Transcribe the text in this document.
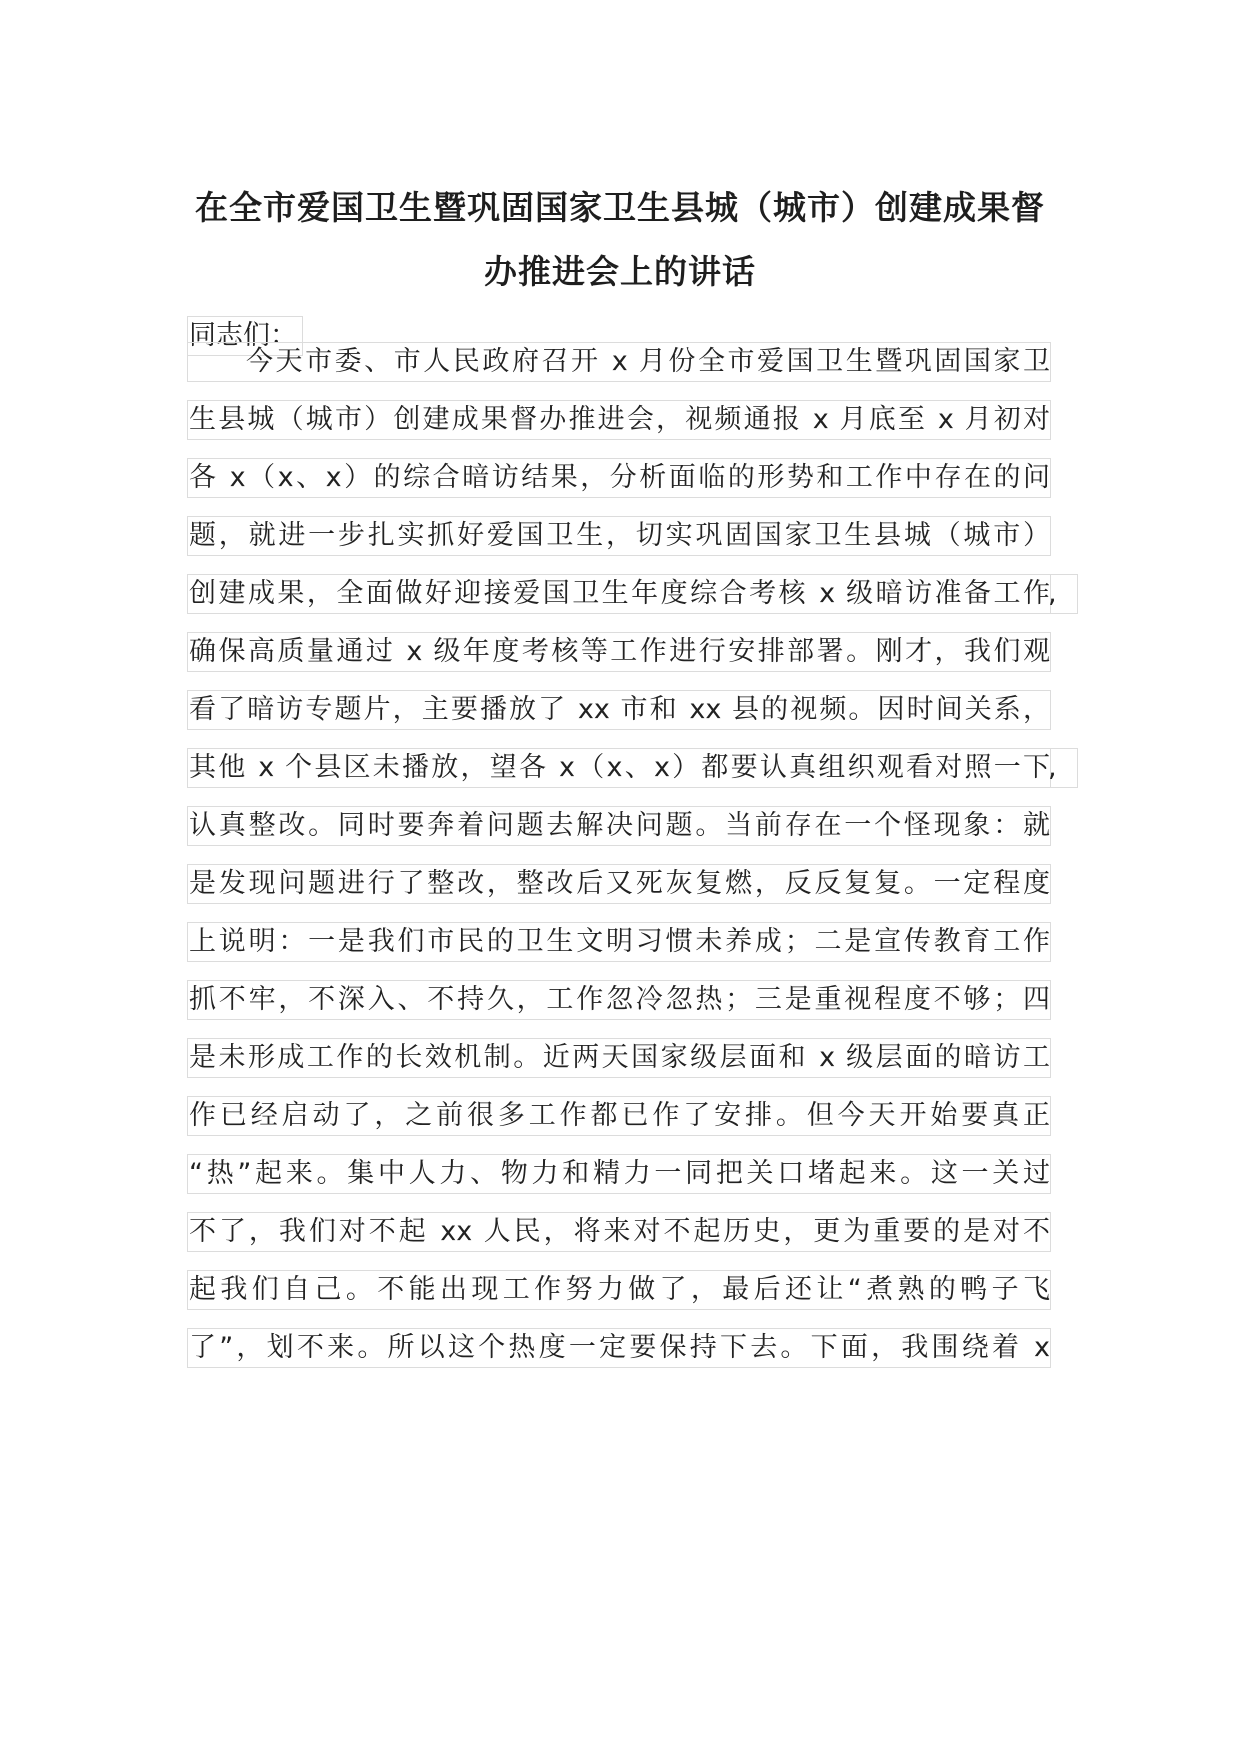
在全市爱国卫生暨巩固国家卫生县城（城市）创建成果督
办推进会上的讲话
同志们：
今天市委、市人民政府召开 x 月份全市爱国卫生暨巩固国家卫
生县城（城市）创建成果督办推进会，视频通报 x 月底至 x 月初对
各 x（x、x）的综合暗访结果，分析面临的形势和工作中存在的问
题，就进一步扎实抓好爱国卫生，切实巩固国家卫生县城（城市）
创建成果，全面做好迎接爱国卫生年度综合考核 x 级暗访准备工作
,
确保高质量通过 x 级年度考核等工作进行安排部署。刚才，我们观
看了暗访专题片，主要播放了 xx 市和 xx 县的视频。因时间关系，
其他 x 个县区未播放，望各 x（x、x）都要认真组织观看对照一下
,
认真整改。同时要奔着问题去解决问题。当前存在一个怪现象：就
是发现问题进行了整改，整改后又死灰复燃，反反复复。一定程度
上说明：一是我们市民的卫生文明习惯未养成；二是宣传教育工作
抓不牢，不深入、不持久，工作忽冷忽热；三是重视程度不够；四
是未形成工作的长效机制。近两天国家级层面和 x 级层面的暗访工
作已经启动了，之前很多工作都已作了安排。但今天开始要真正
“热”起来。集中人力、物力和精力一同把关口堵起来。这一关过
不了，我们对不起 xx 人民，将来对不起历史，更为重要的是对不
起我们自己。不能出现工作努力做了，最后还让“煮熟的鸭子飞
了”，划不来。所以这个热度一定要保持下去。下面，我围绕着 x
